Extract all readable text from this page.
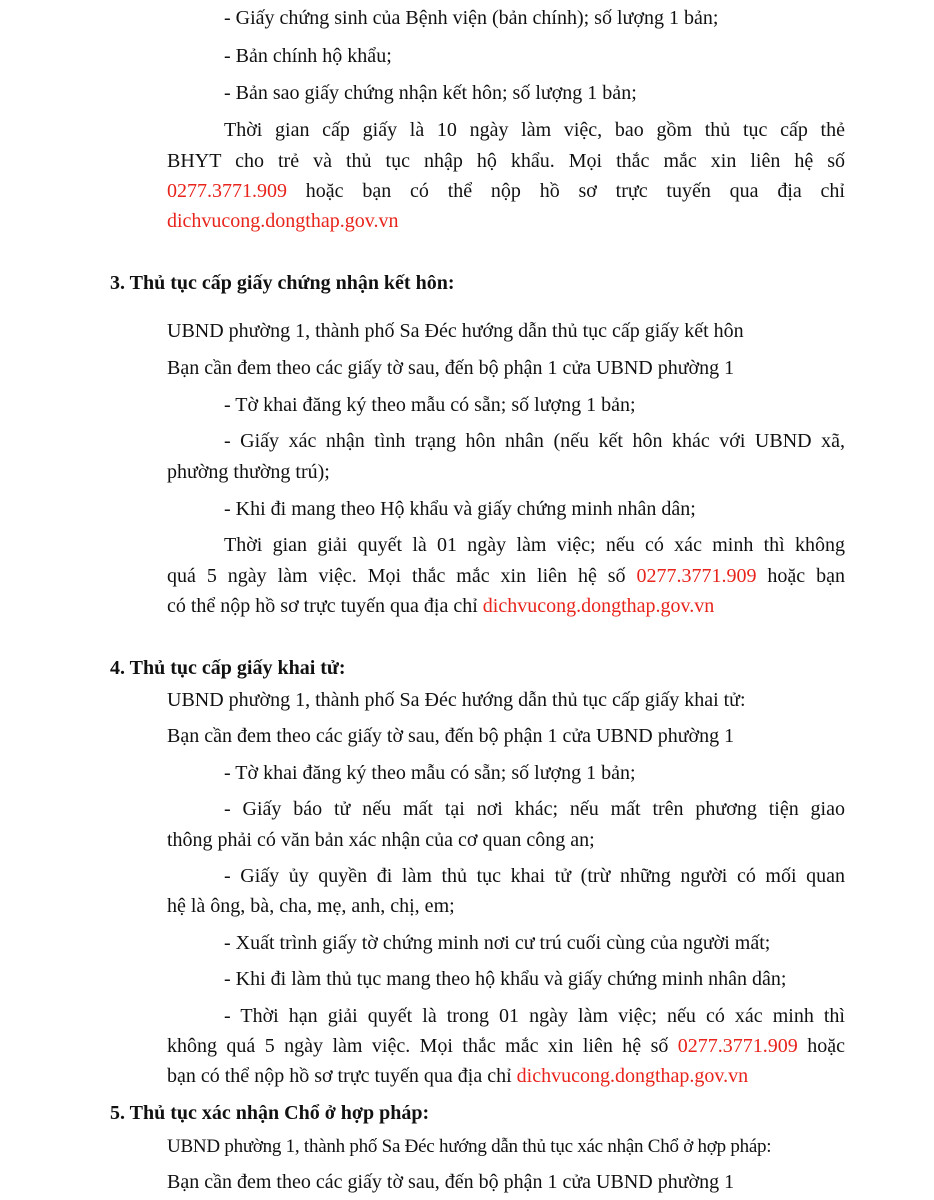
- Giấy chứng sinh của Bệnh viện (bản chính); số lượng 1 bản;
- Bản chính hộ khẩu;
- Bản sao giấy chứng nhận kết hôn; số lượng 1 bản;
Thời gian cấp giấy là 10 ngày làm việc, bao gồm thủ tục cấp thẻ
BHYT cho trẻ và thủ tục nhập hộ khẩu. Mọi thắc mắc xin liên hệ số
0277.3771.909 hoặc bạn có thể nộp hồ sơ trực tuyến qua địa chỉ
dichvucong.dongthap.gov.vn
3. Thủ tục cấp giấy chứng nhận kết hôn:
UBND phường 1, thành phố Sa Đéc hướng dẫn thủ tục cấp giấy kết hôn
Bạn cần đem theo các giấy tờ sau, đến bộ phận 1 cửa UBND phường 1
- Tờ khai đăng ký theo mẫu có sẵn; số lượng 1 bản;
- Giấy xác nhận tình trạng hôn nhân (nếu kết hôn khác với UBND xã,
phường thường trú);
- Khi đi mang theo Hộ khẩu và giấy chứng minh nhân dân;
Thời gian giải quyết là 01 ngày làm việc; nếu có xác minh thì không
quá 5 ngày làm việc. Mọi thắc mắc xin liên hệ số 0277.3771.909 hoặc bạn
có thể nộp hồ sơ trực tuyến qua địa chỉ dichvucong.dongthap.gov.vn
4. Thủ tục cấp giấy khai tử:
UBND phường 1, thành phố Sa Đéc hướng dẫn thủ tục cấp giấy khai tử:
Bạn cần đem theo các giấy tờ sau, đến bộ phận 1 cửa UBND phường 1
- Tờ khai đăng ký theo mẫu có sẵn; số lượng 1 bản;
- Giấy báo tử nếu mất tại nơi khác; nếu mất trên phương tiện giao
thông phải có văn bản xác nhận của cơ quan công an;
- Giấy ủy quyền đi làm thủ tục khai tử (trừ những người có mối quan
hệ là ông, bà, cha, mẹ, anh, chị, em;
- Xuất trình giấy tờ chứng minh nơi cư trú cuối cùng của người mất;
- Khi đi làm thủ tục mang theo hộ khẩu và giấy chứng minh nhân dân;
- Thời hạn giải quyết là trong 01 ngày làm việc; nếu có xác minh thì
không quá 5 ngày làm việc. Mọi thắc mắc xin liên hệ số 0277.3771.909 hoặc
bạn có thể nộp hồ sơ trực tuyến qua địa chỉ dichvucong.dongthap.gov.vn
5. Thủ tục xác nhận Chổ ở hợp pháp:
UBND phường 1, thành phố Sa Đéc hướng dẫn thủ tục xác nhận Chổ ở hợp pháp:
Bạn cần đem theo các giấy tờ sau, đến bộ phận 1 cửa UBND phường 1
